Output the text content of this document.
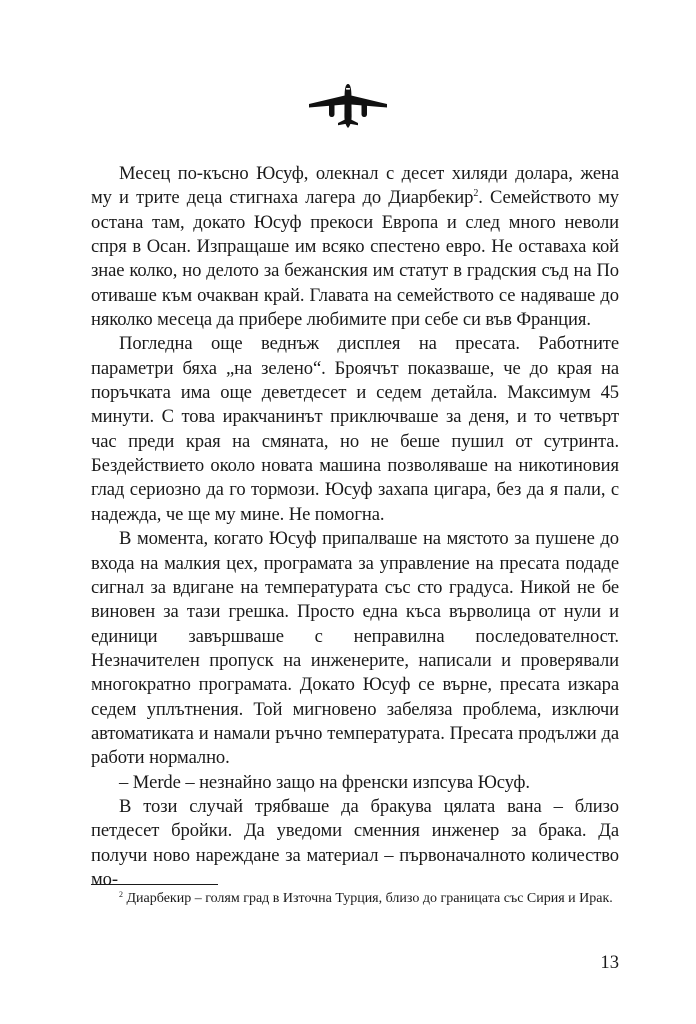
Месец по-късно Юсуф, олекнал с десет хиляди долара, жена му и трите деца стигнаха лагера до Диарбекир$^2$. Семейството му остана там, докато Юсуф прекоси Европа и след много неволи спря в Осан. Изпращаше им всяко спестено евро. Не оставаха кой знае колко, но делото за бежанския им статут в градския съд на По отиваше към очакван край. Главата на семейството се надяваше до няколко месеца да прибере любимите при себе си във Франция.

Погледна още веднъж дисплея на пресата. Работните параметри бяха „на зелено“. Броячът показваше, че до края на поръчката има още деветдесет и седем детайла. Максимум 45 минути. С това иракчанинът приключваше за деня, и то четвърт час преди края на смяната, но не беше пушил от сутринта. Бездействието около новата машина позволяваше на никотиновия глад сериозно да го тормози. Юсуф захапа цигара, без да я пали, с надежда, че ще му мине. Не помогна.

В момента, когато Юсуф припалваше на мястото за пушене до входа на малкия цех, програмата за управление на пресата подаде сигнал за вдигане на температурата със сто градуса. Никой не бе виновен за тази грешка. Просто една къса върволица от нули и единици завършваше с неправилна последователност. Незначителен пропуск на инженерите, написали и проверявали многократно програмата. Докато Юсуф се върне, пресата изкара седем уплътнения. Той мигновено забеляза проблема, изключи автоматиката и намали ръчно температурата. Пресата продължи да работи нормално.

– Merde – незнайно защо на френски изпсува Юсуф.

В този случай трябваше да бракува цялата вана – близо петдесет бройки. Да уведоми сменния инженер за брака. Да получи ново нареждане за материал – първоначалното количество мо-

$^2$ Диарбекир – голям град в Източна Турция, близо до границата със Сирия и Ирак.
13
